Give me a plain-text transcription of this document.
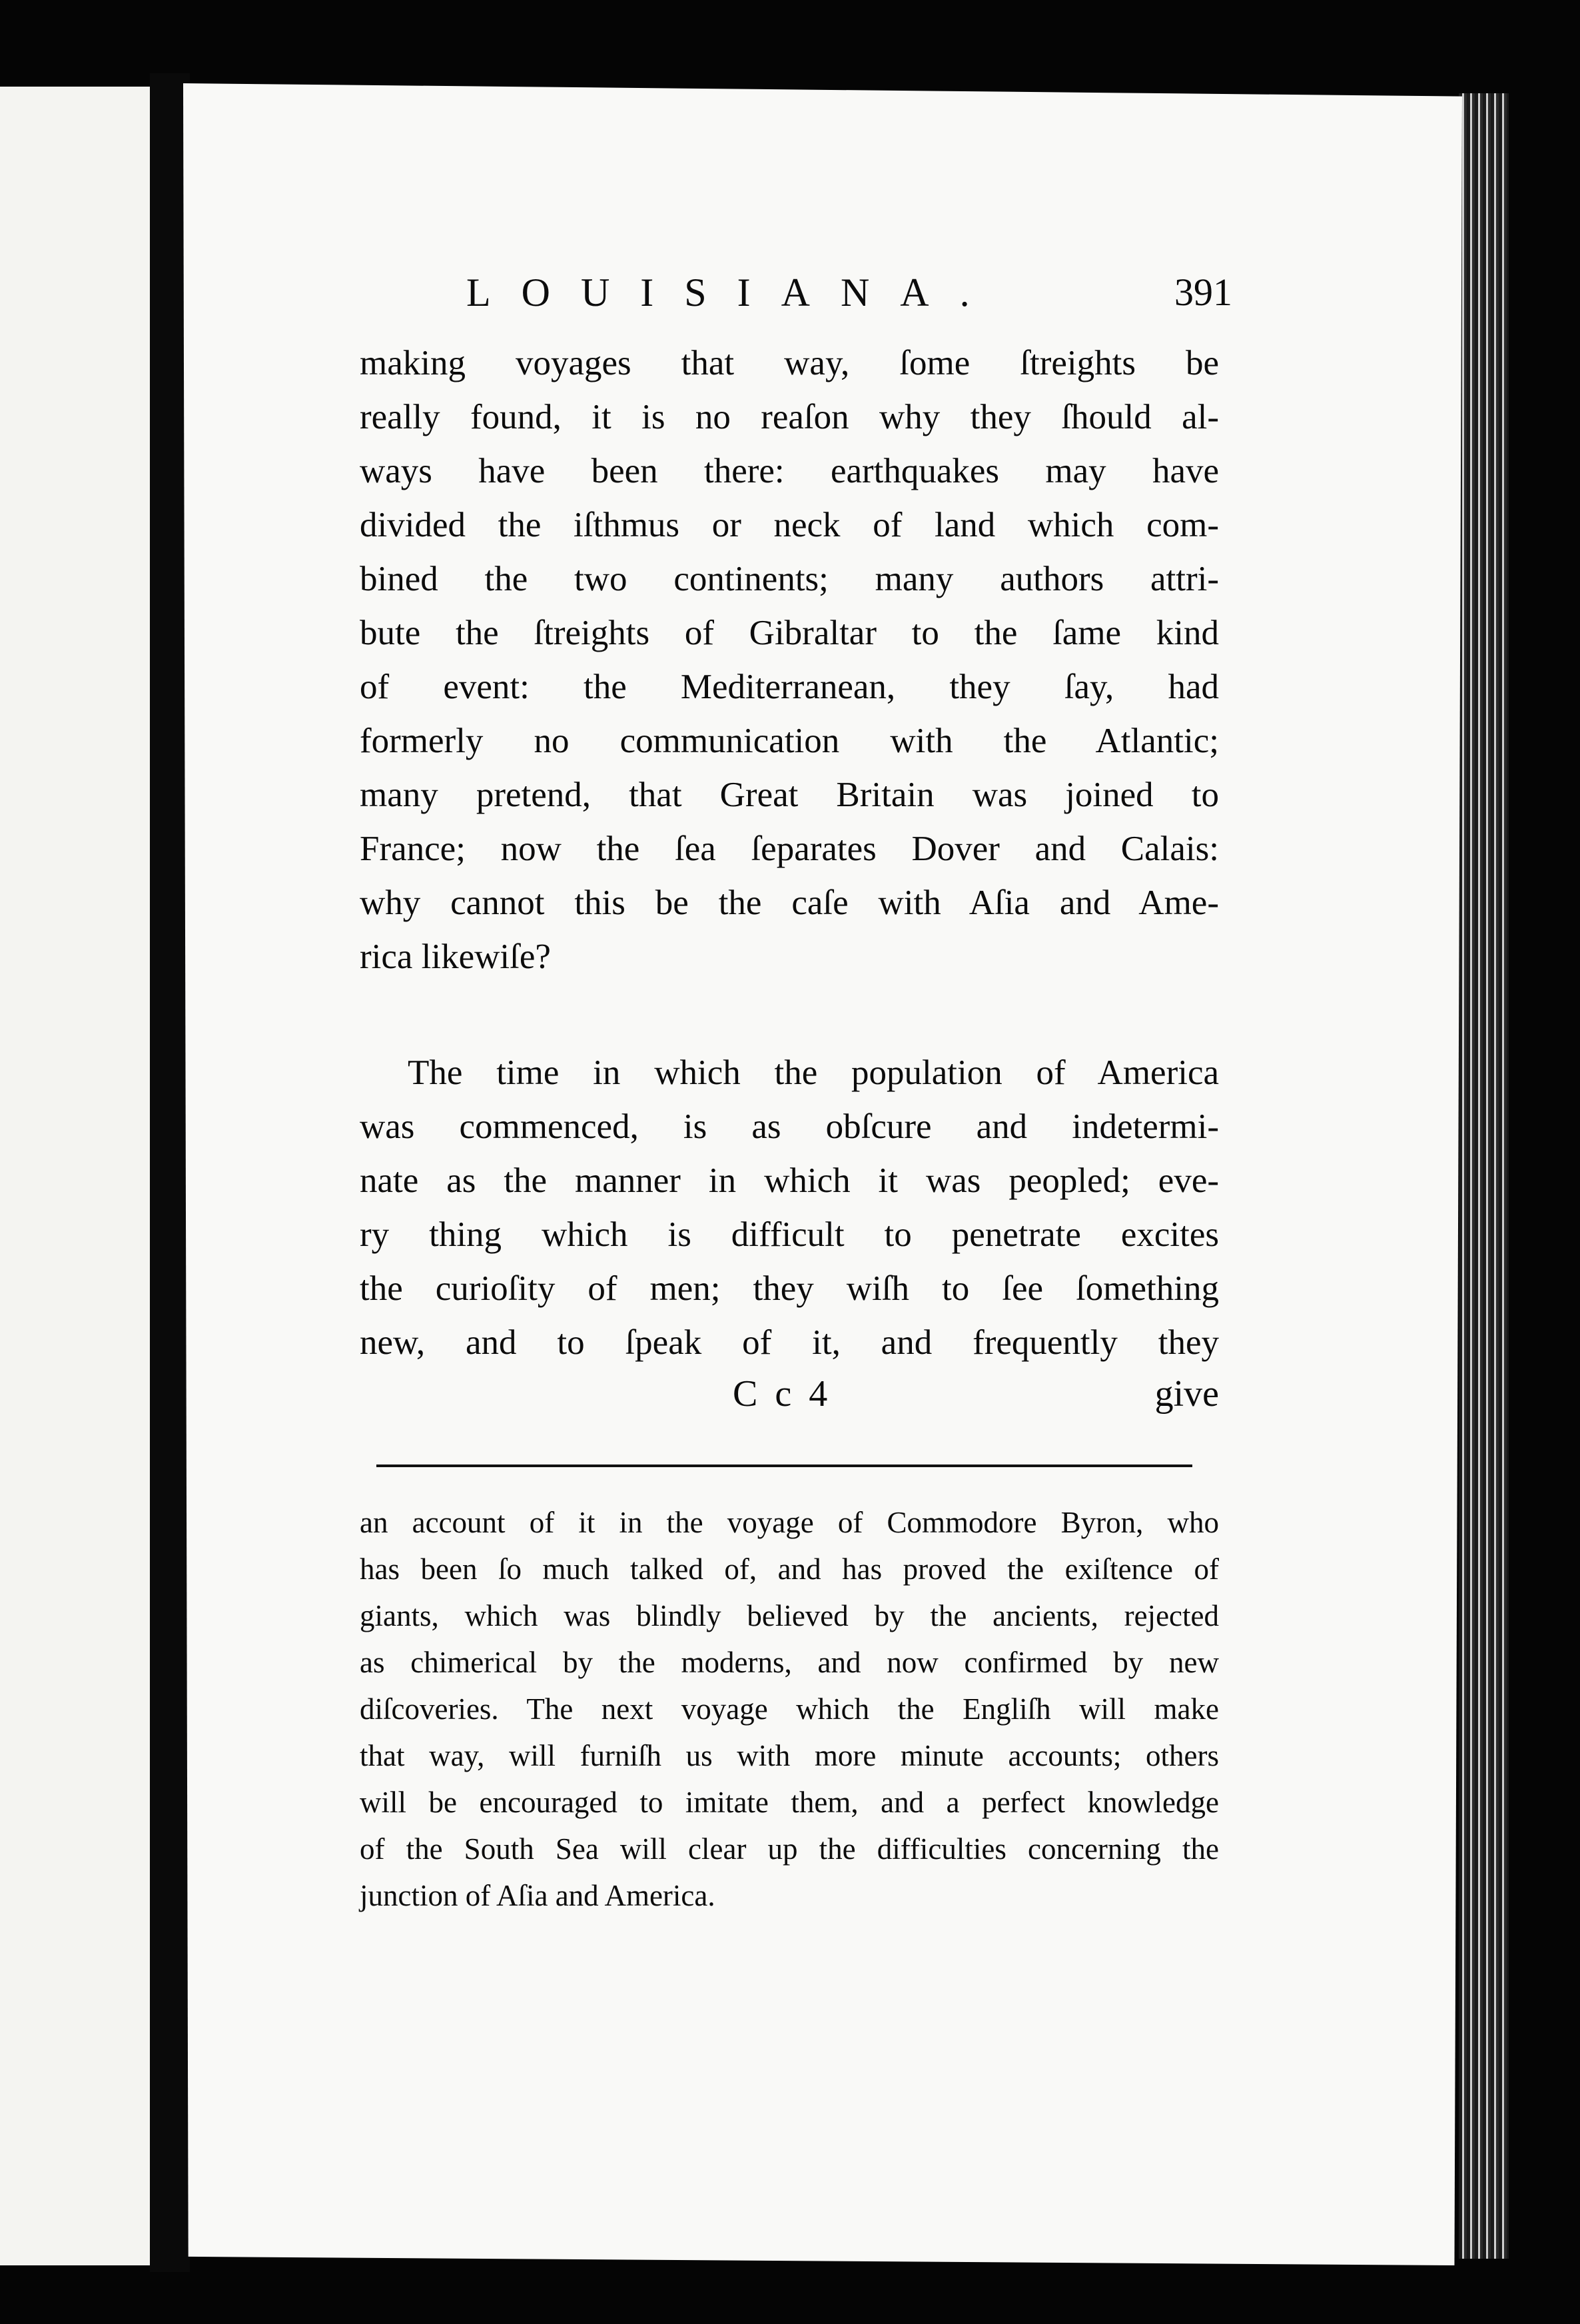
LOUISIANA.	391
making voyages that way, ſome ſtreights be
really found, it is no reaſon why they ſhould al-
ways have been there: earthquakes may have
divided the iſthmus or neck of land which com-
bined the two continents; many authors attri-
bute the ſtreights of Gibraltar to the ſame kind
of event: the Mediterranean, they ſay, had
formerly no communication with the Atlantic;
many pretend, that Great Britain was joined to
France; now the ſea ſeparates Dover and Calais:
why cannot this be the caſe with Aſia and Ame-
rica likewiſe?
The time in which the population of America
was commenced, is as obſcure and indetermi-
nate as the manner in which it was peopled; eve-
ry thing which is difficult to penetrate excites
the curioſity of men; they wiſh to ſee ſomething
new, and to ſpeak of it, and frequently they
C c 4	give
an account of it in the voyage of Commodore Byron, who
has been ſo much talked of, and has proved the exiſtence of
giants, which was blindly believed by the ancients, rejected
as chimerical by the moderns, and now confirmed by new
diſcoveries. The next voyage which the Engliſh will make
that way, will furniſh us with more minute accounts; others
will be encouraged to imitate them, and a perfect knowledge
of the South Sea will clear up the difficulties concerning the
junction of Aſia and America.
